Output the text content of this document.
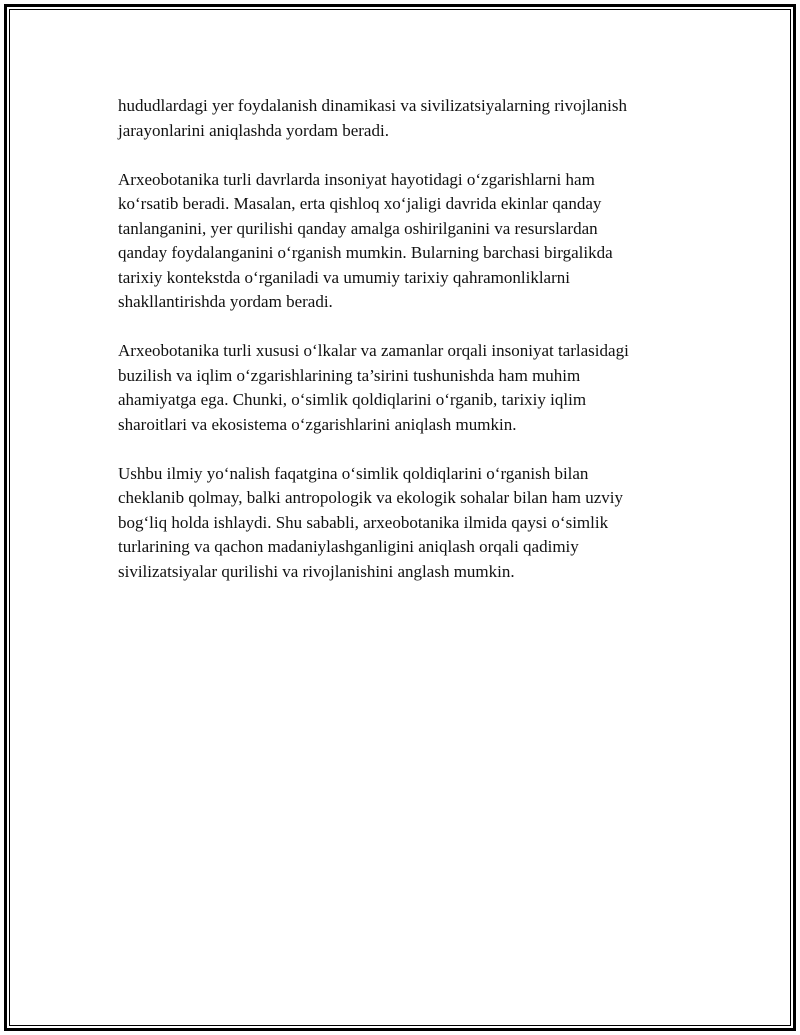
hududlardagi yer foydalanish dinamikasi va sivilizatsiyalarning rivojlanish
jarayonlarini aniqlashda yordam beradi.

Arxeobotanika turli davrlarda insoniyat hayotidagi o‘zgarishlarni ham
ko‘rsatib beradi. Masalan, erta qishloq xo‘jaligi davrida ekinlar qanday
tanlanganini, yer qurilishi qanday amalga oshirilganini va resurslardan
qanday foydalanganini o‘rganish mumkin. Bularning barchasi birgalikda
tarixiy kontekstda o‘rganiladi va umumiy tarixiy qahramonliklarni
shakllantirishda yordam beradi.

Arxeobotanika turli xususi o‘lkalar va zamanlar orqali insoniyat tarlasidagi
buzilish va iqlim o‘zgarishlarining ta’sirini tushunishda ham muhim
ahamiyatga ega. Chunki, o‘simlik qoldiqlarini o‘rganib, tarixiy iqlim
sharoitlari va ekosistema o‘zgarishlarini aniqlash mumkin.

Ushbu ilmiy yo‘nalish faqatgina o‘simlik qoldiqlarini o‘rganish bilan
cheklanib qolmay, balki antropologik va ekologik sohalar bilan ham uzviy
bog‘liq holda ishlaydi. Shu sababli, arxeobotanika ilmida qaysi o‘simlik
turlarining va qachon madaniylashganligini aniqlash orqali qadimiy
sivilizatsiyalar qurilishi va rivojlanishini anglash mumkin.
